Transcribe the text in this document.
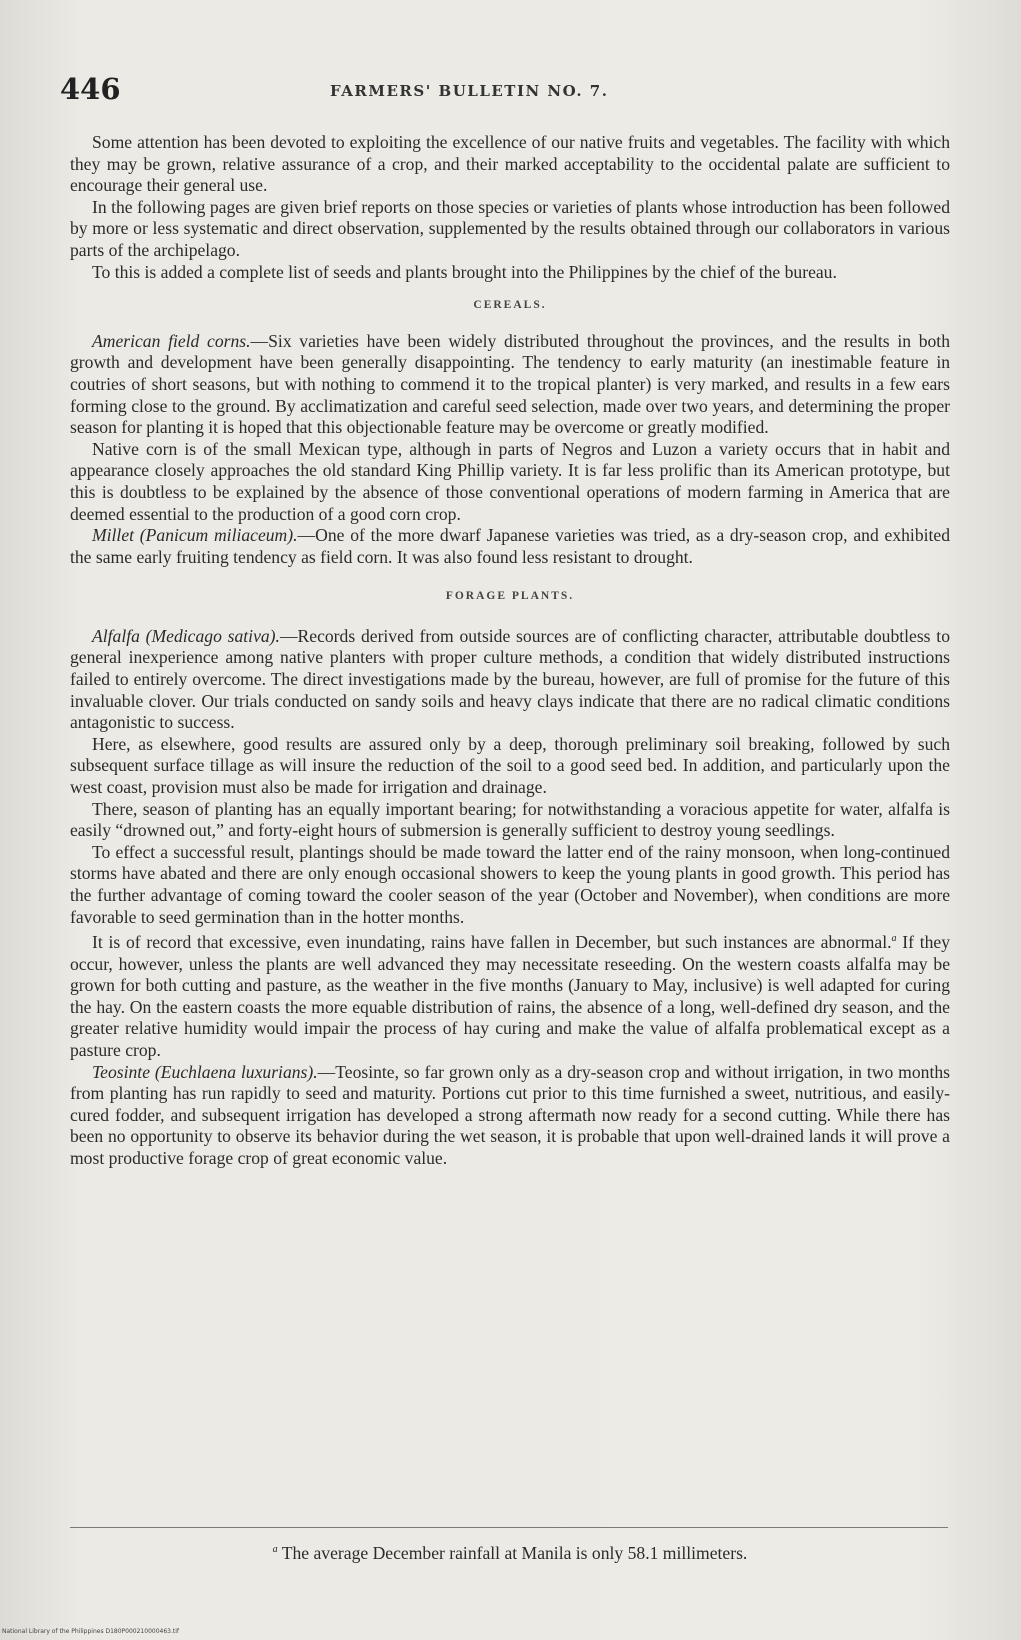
446	FARMERS' BULLETIN NO. 7.

Some attention has been devoted to exploiting the excellence of our native fruits and vegetables. The facility with which they may be grown, relative assurance of a crop, and their marked acceptability to the occidental palate are sufficient to encourage their general use.

In the following pages are given brief reports on those species or varieties of plants whose introduction has been followed by more or less systematic and direct observation, supplemented by the results obtained through our collaborators in various parts of the archipelago.

To this is added a complete list of seeds and plants brought into the Philippines by the chief of the bureau.

CEREALS.

American field corns.—Six varieties have been widely distributed throughout the provinces, and the results in both growth and development have been generally disappointing. The tendency to early maturity (an inestimable feature in coutries of short seasons, but with nothing to commend it to the tropical planter) is very marked, and results in a few ears forming close to the ground. By acclimatization and careful seed selection, made over two years, and determining the proper season for planting it is hoped that this objectionable feature may be overcome or greatly modified.

Native corn is of the small Mexican type, although in parts of Negros and Luzon a variety occurs that in habit and appearance closely approaches the old standard King Phillip variety. It is far less prolific than its American prototype, but this is doubtless to be explained by the absence of those conventional operations of modern farming in America that are deemed essential to the production of a good corn crop.

Millet (Panicum miliaceum).—One of the more dwarf Japanese varieties was tried, as a dry-season crop, and exhibited the same early fruiting tendency as field corn. It was also found less resistant to drought.

FORAGE PLANTS.

Alfalfa (Medicago sativa).—Records derived from outside sources are of conflicting character, attributable doubtless to general inexperience among native planters with proper culture methods, a condition that widely distributed instructions failed to entirely overcome. The direct investigations made by the bureau, however, are full of promise for the future of this invaluable clover. Our trials conducted on sandy soils and heavy clays indicate that there are no radical climatic conditions antagonistic to success.

Here, as elsewhere, good results are assured only by a deep, thorough preliminary soil breaking, followed by such subsequent surface tillage as will insure the reduction of the soil to a good seed bed. In addition, and particularly upon the west coast, provision must also be made for irrigation and drainage.

There, season of planting has an equally important bearing; for notwithstanding a voracious appetite for water, alfalfa is easily “drowned out,” and forty-eight hours of submersion is generally sufficient to destroy young seedlings.

To effect a successful result, plantings should be made toward the latter end of the rainy monsoon, when long-continued storms have abated and there are only enough occasional showers to keep the young plants in good growth. This period has the further advantage of coming toward the cooler season of the year (October and November), when conditions are more favorable to seed germination than in the hotter months.

It is of record that excessive, even inundating, rains have fallen in December, but such instances are abnormal.$^a$ If they occur, however, unless the plants are well advanced they may necessitate reseeding. On the western coasts alfalfa may be grown for both cutting and pasture, as the weather in the five months (January to May, inclusive) is well adapted for curing the hay. On the eastern coasts the more equable distribution of rains, the absence of a long, well-defined dry season, and the greater relative humidity would impair the process of hay curing and make the value of alfalfa problematical except as a pasture crop.

Teosinte (Euchlaena luxurians).—Teosinte, so far grown only as a dry-season crop and without irrigation, in two months from planting has run rapidly to seed and maturity. Portions cut prior to this time furnished a sweet, nutritious, and easily-cured fodder, and subsequent irrigation has developed a strong aftermath now ready for a second cutting. While there has been no opportunity to observe its behavior during the wet season, it is probable that upon well-drained lands it will prove a most productive forage crop of great economic value.

$^a$ The average December rainfall at Manila is only 58.1 millimeters.
National Library of the Philippines D180P000210000463.tif
